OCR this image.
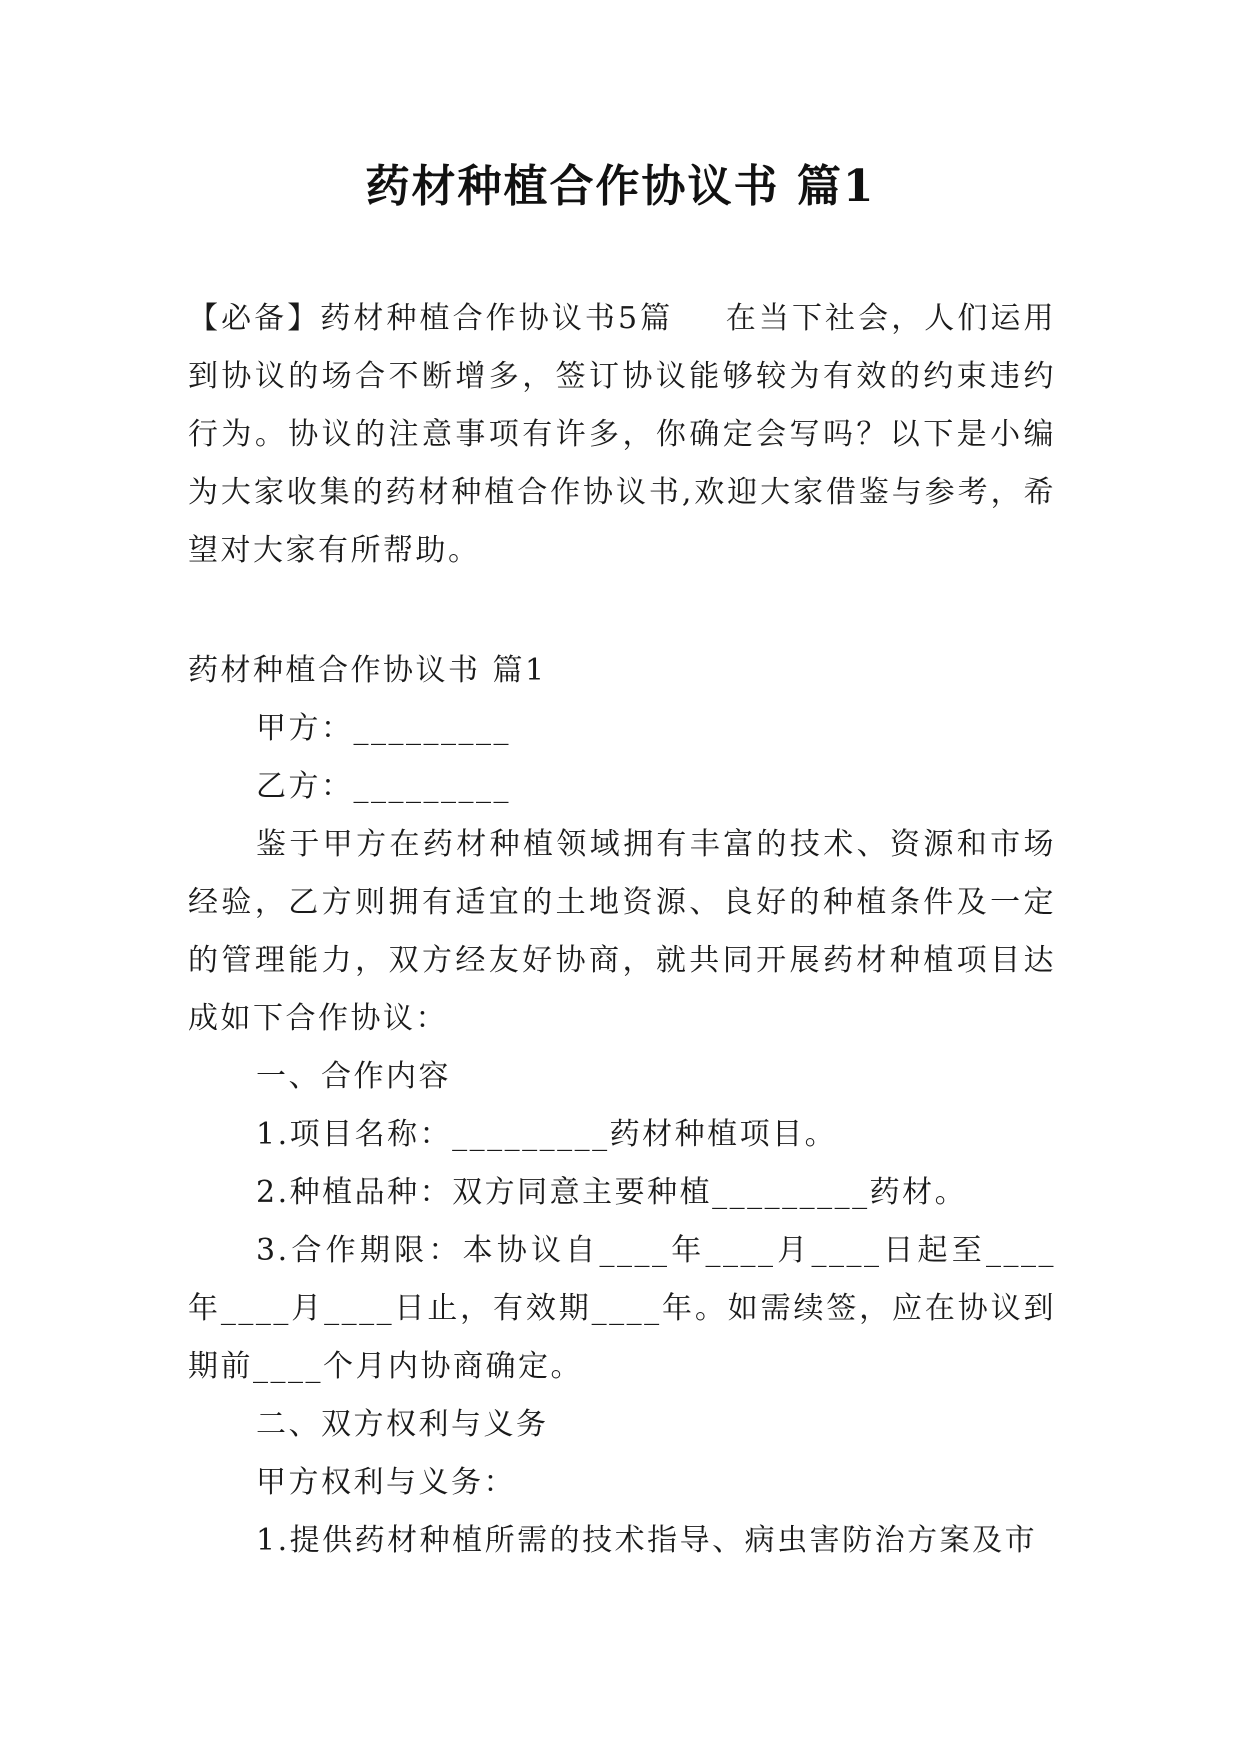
药材种植合作协议书 篇1

【必备】药材种植合作协议书5篇 在当下社会，人们运用到协议的场合不断增多，签订协议能够较为有效的约束违约行为。协议的注意事项有许多，你确定会写吗？以下是小编为大家收集的药材种植合作协议书,欢迎大家借鉴与参考，希望对大家有所帮助。

药材种植合作协议书 篇1

甲方：_________

乙方：_________

鉴于甲方在药材种植领域拥有丰富的技术、资源和市场经验，乙方则拥有适宜的土地资源、良好的种植条件及一定的管理能力，双方经友好协商，就共同开展药材种植项目达成如下合作协议：

一、合作内容

1.项目名称：_________药材种植项目。

2.种植品种：双方同意主要种植_________药材。

3.合作期限：本协议自____年____月____日起至____年____月____日止，有效期____年。如需续签，应在协议到期前____个月内协商确定。

二、双方权利与义务

甲方权利与义务：

1.提供药材种植所需的技术指导、病虫害防治方案及市
